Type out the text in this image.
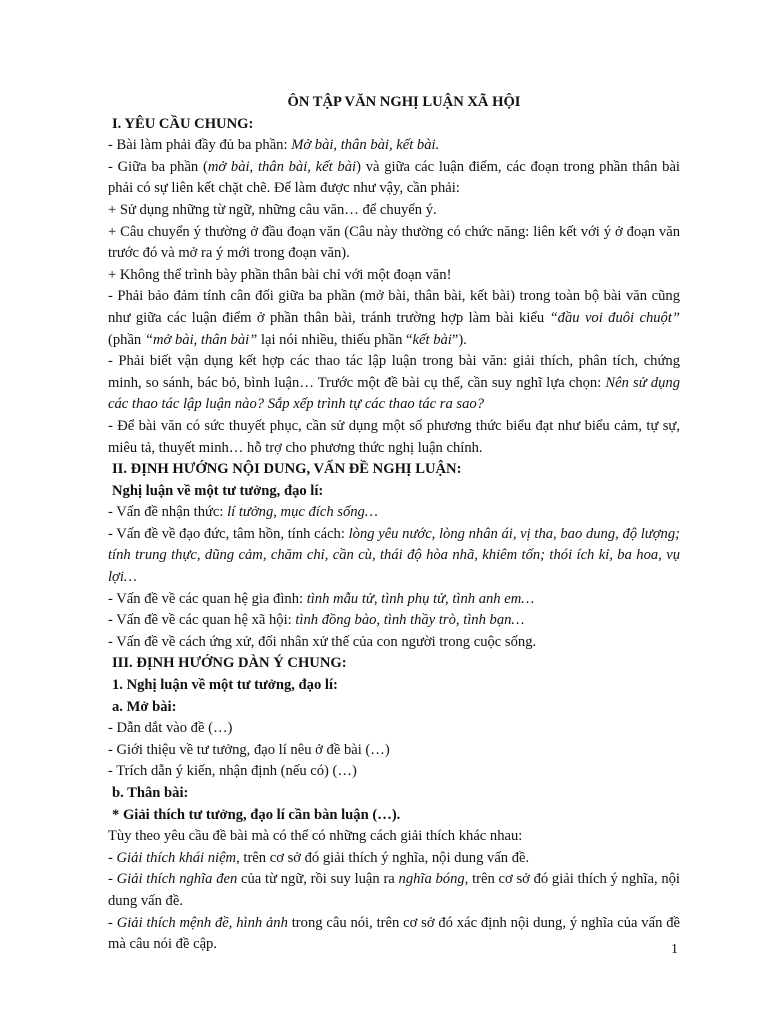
ÔN TẬP VĂN NGHỊ LUẬN XÃ HỘI

I. YÊU CẦU CHUNG:

- Bài làm phải đầy đủ ba phần: Mở bài, thân bài, kết bài.

- Giữa ba phần (mở bài, thân bài, kết bài) và giữa các luận điểm, các đoạn trong phần thân bài phải có sự liên kết chặt chẽ. Để làm được như vậy, cần phải:

+ Sử dụng những từ ngữ, những câu văn… để chuyển ý.

+ Câu chuyển ý thường ở đầu đoạn văn (Câu này thường có chức năng: liên kết với ý ở đoạn văn trước đó và mở ra ý mới trong đoạn văn).

+ Không thể trình bày phần thân bài chỉ với một đoạn văn!

- Phải bảo đảm tính cân đối giữa ba phần (mở bài, thân bài, kết bài) trong toàn bộ bài văn cũng như giữa các luận điểm ở phần thân bài, tránh trường hợp làm bài kiểu “đầu voi đuôi chuột” (phần “mở bài, thân bài” lại nói nhiều, thiếu phần “kết bài”).

- Phải biết vận dụng kết hợp các thao tác lập luận trong bài văn: giải thích, phân tích, chứng minh, so sánh, bác bỏ, bình luận… Trước một đề bài cụ thể, cần suy nghĩ lựa chọn: Nên sử dụng các thao tác lập luận nào? Sắp xếp trình tự các thao tác ra sao?

- Để bài văn có sức thuyết phục, cần sử dụng một số phương thức biểu đạt như biểu cảm, tự sự, miêu tả, thuyết minh… hỗ trợ cho phương thức nghị luận chính.

II. ĐỊNH HƯỚNG NỘI DUNG, VẤN ĐỀ NGHỊ LUẬN:

Nghị luận về một tư tưởng, đạo lí:

- Vấn đề nhận thức: lí tưởng, mục đích sống…

- Vấn đề về đạo đức, tâm hồn, tính cách: lòng yêu nước, lòng nhân ái, vị tha, bao dung, độ lượng; tính trung thực, dũng cảm, chăm chỉ, cần cù, thái độ hòa nhã, khiêm tốn; thói ích kỉ, ba hoa, vụ lợi…

- Vấn đề về các quan hệ gia đình: tình mẫu tử, tình phụ tử, tình anh em…

- Vấn đề về các quan hệ xã hội: tình đồng bào, tình thầy trò, tình bạn…

- Vấn đề về cách ứng xử, đối nhân xử thế của con người trong cuộc sống.

III. ĐỊNH HƯỚNG DÀN Ý CHUNG:

1. Nghị luận về một tư tưởng, đạo lí:

a. Mở bài:

- Dẫn dắt vào đề (…)

- Giới thiệu về tư tưởng, đạo lí nêu ở đề bài (…)

- Trích dẫn ý kiến, nhận định (nếu có) (…)

b. Thân bài:

* Giải thích tư tưởng, đạo lí cần bàn luận (…).

Tùy theo yêu cầu đề bài mà có thể có những cách giải thích khác nhau:

- Giải thích khái niệm, trên cơ sở đó giải thích ý nghĩa, nội dung vấn đề.

- Giải thích nghĩa đen của từ ngữ, rồi suy luận ra nghĩa bóng, trên cơ sở đó giải thích ý nghĩa, nội dung vấn đề.

- Giải thích mệnh đề, hình ảnh trong câu nói, trên cơ sở đó xác định nội dung, ý nghĩa của vấn đề mà câu nói đề cập.	1
